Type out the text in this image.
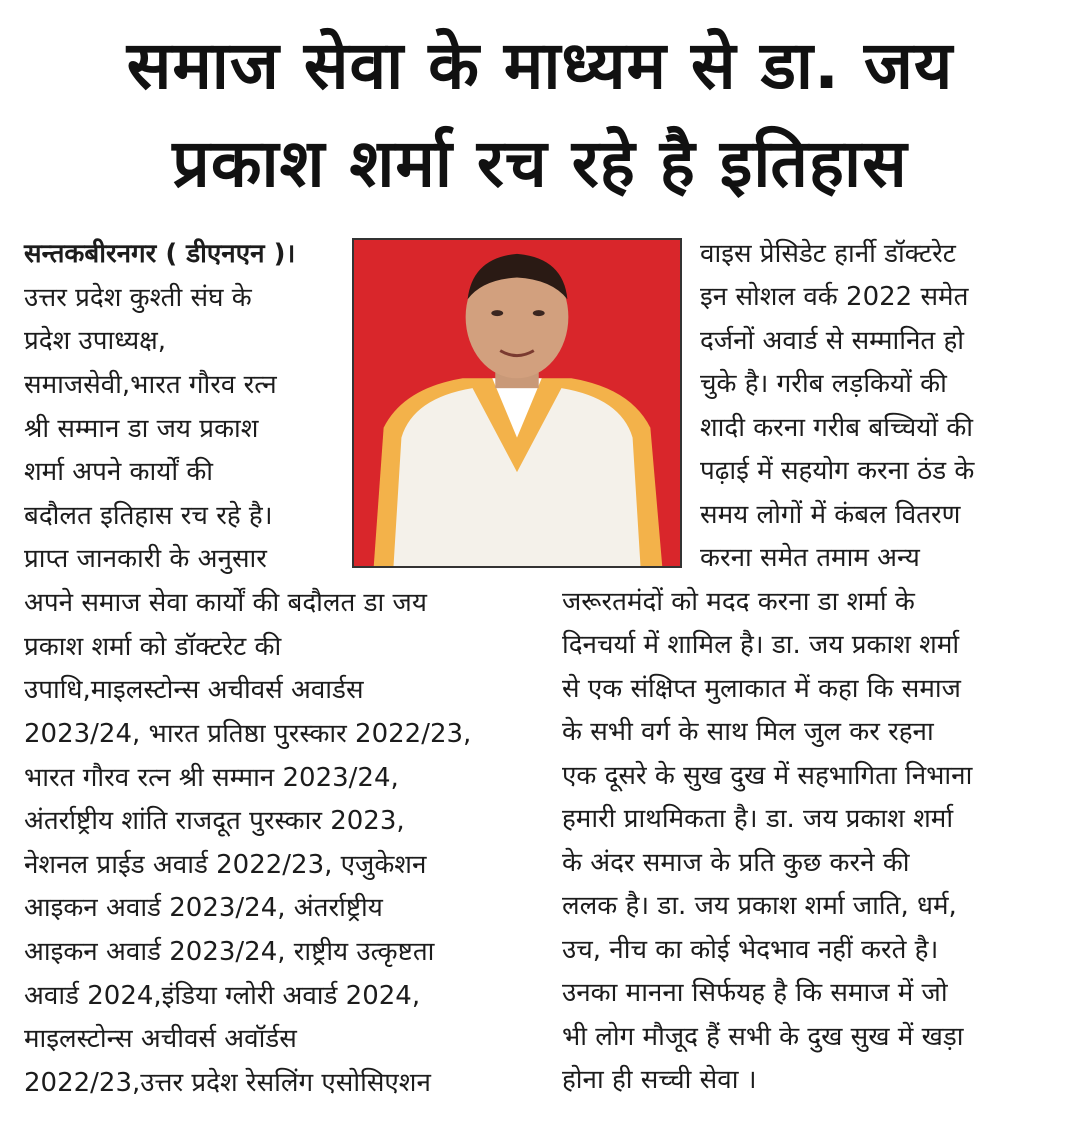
समाज सेवा के माध्यम से डा. जय
प्रकाश शर्मा रच रहे है इतिहास
सन्तकबीरनगर ( डीएनएन )।
उत्तर प्रदेश कुश्ती संघ के
प्रदेश उपाध्यक्ष,
समाजसेवी,भारत गौरव रत्न
श्री सम्मान डा जय प्रकाश
शर्मा अपने कार्यों की
बदौलत इतिहास रच रहे है।
प्राप्त जानकारी के अनुसार
अपने समाज सेवा कार्यों की बदौलत डा जय
प्रकाश शर्मा को डॉक्टरेट की
उपाधि,माइलस्टोन्स अचीवर्स अवार्डस
2023/24, भारत प्रतिष्ठा पुरस्कार 2022/23,
भारत गौरव रत्न श्री सम्मान 2023/24,
अंतर्राष्ट्रीय शांति राजदूत पुरस्कार 2023,
नेशनल प्राईड अवार्ड 2022/23, एजुकेशन
आइकन अवार्ड 2023/24, अंतर्राष्ट्रीय
आइकन अवार्ड 2023/24, राष्ट्रीय उत्कृष्टता
अवार्ड 2024,इंडिया ग्लोरी अवार्ड 2024,
माइलस्टोन्स अचीवर्स अवॉर्डस
2022/23,उत्तर प्रदेश रेसलिंग एसोसिएशन
वाइस प्रेसिडेट हार्नी डॉक्टरेट
इन सोशल वर्क 2022 समेत
दर्जनों अवार्ड से सम्मानित हो
चुके है। गरीब लड़कियों की
शादी करना गरीब बच्चियों की
पढ़ाई में सहयोग करना ठंड के
समय लोगों में कंबल वितरण
करना समेत तमाम अन्य
जरूरतमंदों को मदद करना डा शर्मा के
दिनचर्या में शामिल है। डा. जय प्रकाश शर्मा
से एक संक्षिप्त मुलाकात में कहा कि समाज
के सभी वर्ग के साथ मिल जुल कर रहना
एक दूसरे के सुख दुख में सहभागिता निभाना
हमारी प्राथमिकता है। डा. जय प्रकाश शर्मा
के अंदर समाज के प्रति कुछ करने की
ललक है। डा. जय प्रकाश शर्मा जाति, धर्म,
उच, नीच का कोई भेदभाव नहीं करते है।
उनका मानना सिर्फयह है कि समाज में जो
भी लोग मौजूद हैं सभी के दुख सुख में खड़ा
होना ही सच्ची सेवा ।
